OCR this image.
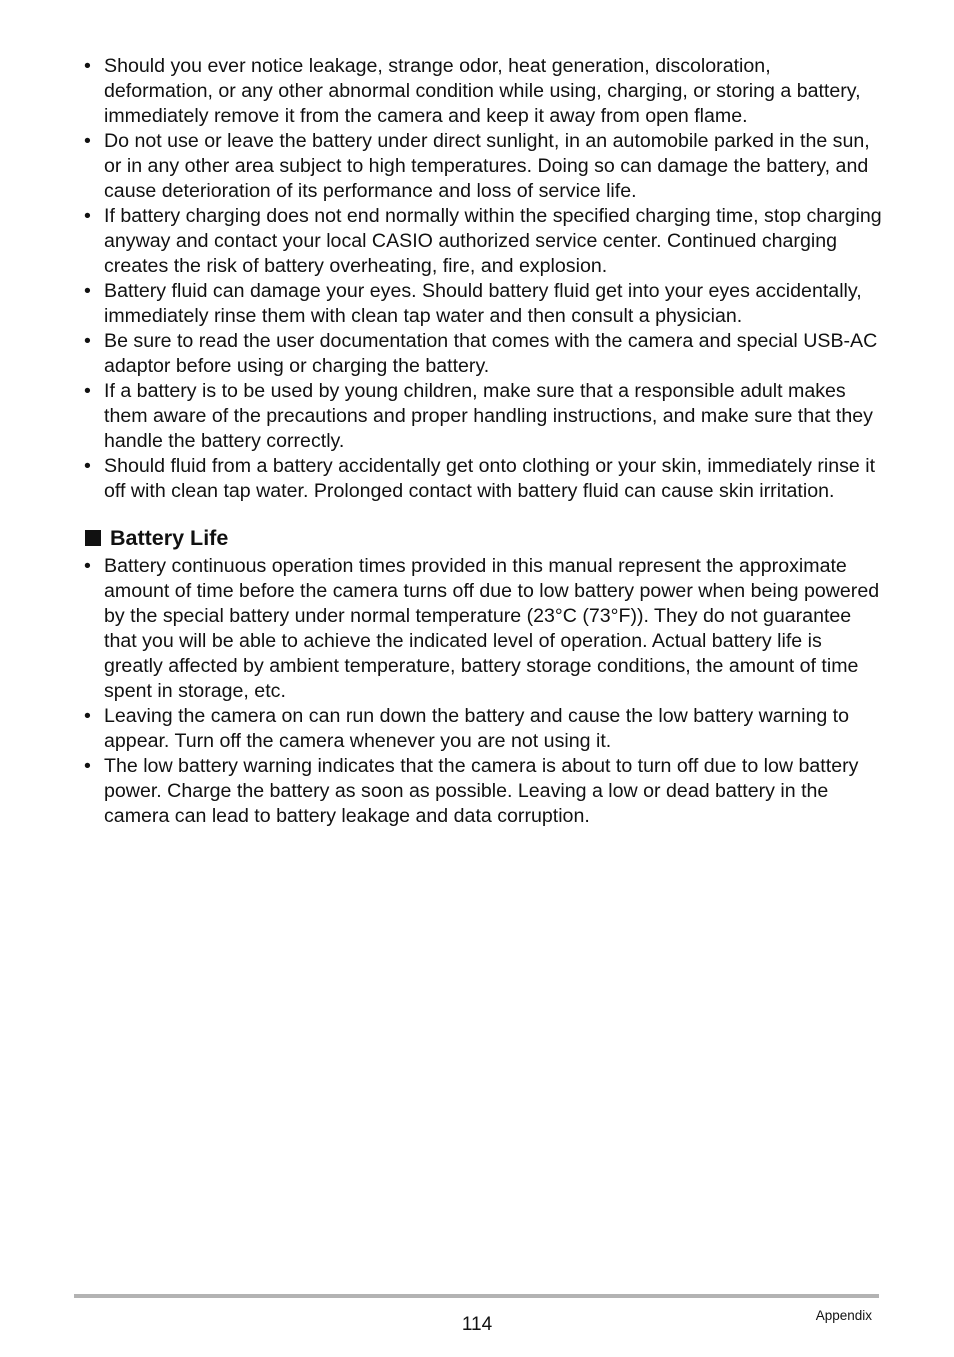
• Should you ever notice leakage, strange odor, heat generation, discoloration, deformation, or any other abnormal condition while using, charging, or storing a battery, immediately remove it from the camera and keep it away from open flame.
• Do not use or leave the battery under direct sunlight, in an automobile parked in the sun, or in any other area subject to high temperatures. Doing so can damage the battery, and cause deterioration of its performance and loss of service life.
• If battery charging does not end normally within the specified charging time, stop charging anyway and contact your local CASIO authorized service center. Continued charging creates the risk of battery overheating, fire, and explosion.
• Battery fluid can damage your eyes. Should battery fluid get into your eyes accidentally, immediately rinse them with clean tap water and then consult a physician.
• Be sure to read the user documentation that comes with the camera and special USB-AC adaptor before using or charging the battery.
• If a battery is to be used by young children, make sure that a responsible adult makes them aware of the precautions and proper handling instructions, and make sure that they handle the battery correctly.
• Should fluid from a battery accidentally get onto clothing or your skin, immediately rinse it off with clean tap water. Prolonged contact with battery fluid can cause skin irritation.
Battery Life
• Battery continuous operation times provided in this manual represent the approximate amount of time before the camera turns off due to low battery power when being powered by the special battery under normal temperature (23°C (73°F)). They do not guarantee that you will be able to achieve the indicated level of operation. Actual battery life is greatly affected by ambient temperature, battery storage conditions, the amount of time spent in storage, etc.
• Leaving the camera on can run down the battery and cause the low battery warning to appear. Turn off the camera whenever you are not using it.
• The low battery warning indicates that the camera is about to turn off due to low battery power. Charge the battery as soon as possible. Leaving a low or dead battery in the camera can lead to battery leakage and data corruption.
114	Appendix
